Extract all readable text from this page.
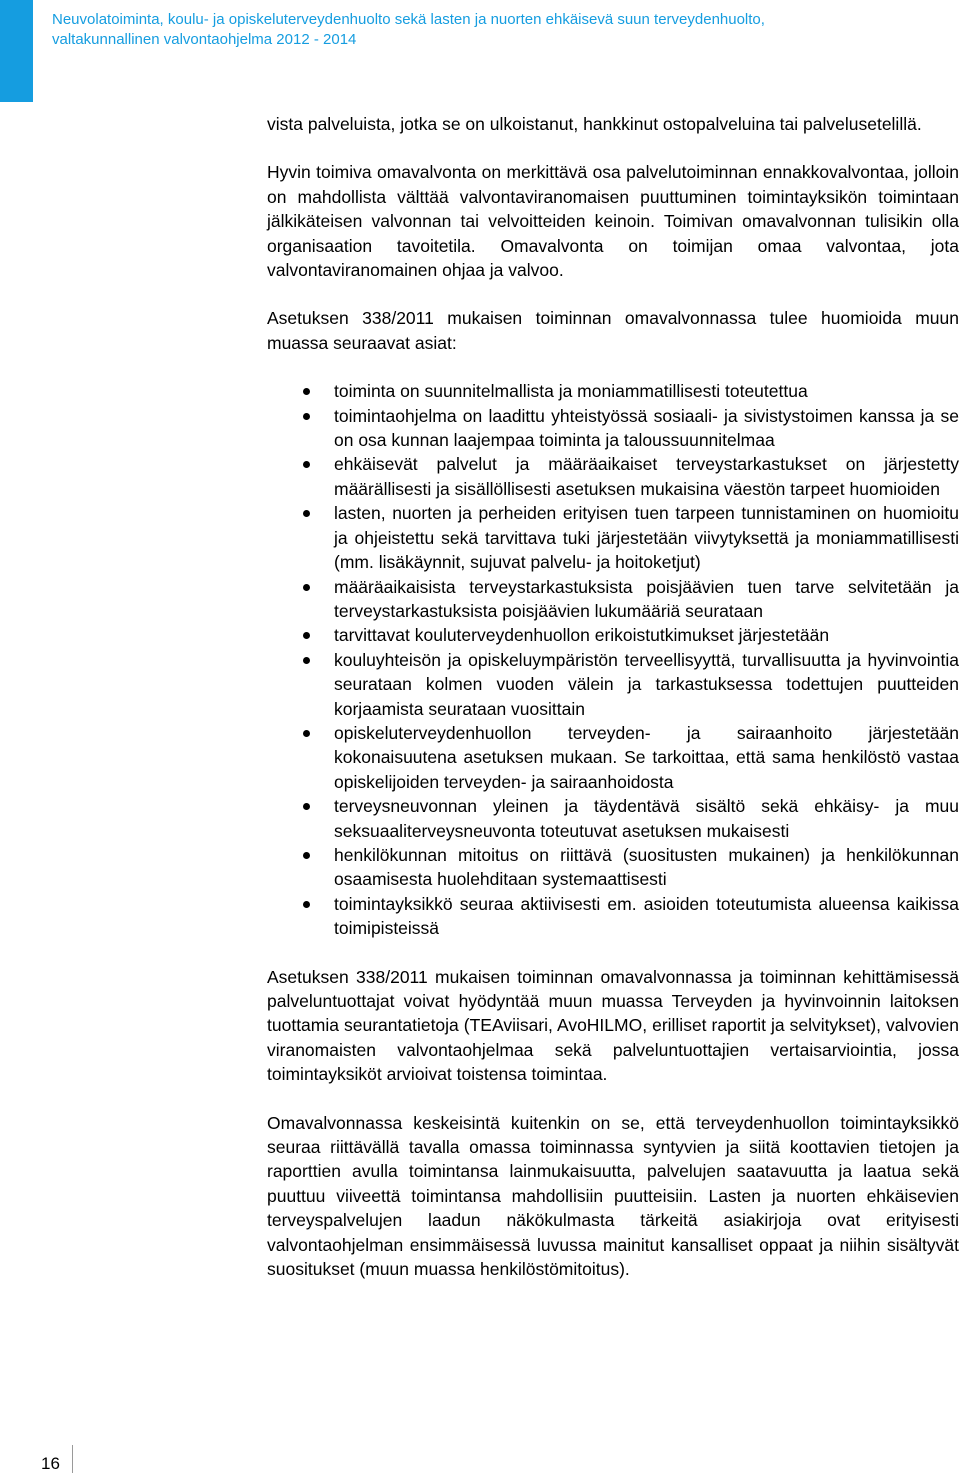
Neuvolatoiminta, koulu- ja opiskeluterveydenhuolto sekä lasten ja nuorten ehkäisevä suun terveydenhuolto,
valtakunnallinen valvontaohjelma 2012 - 2014

vista palveluista, jotka se on ulkoistanut, hankkinut ostopalveluina tai palvelusetelillä.

Hyvin toimiva omavalvonta on merkittävä osa palvelutoiminnan ennakkovalvontaa, jolloin on mahdollista välttää valvontaviranomaisen puuttuminen toimintayksikön toimintaan jälkikäteisen valvonnan tai velvoitteiden keinoin. Toimivan omavalvonnan tulisikin olla organisaation tavoitetila. Omavalvonta on toimijan omaa valvontaa, jota valvontaviranomainen ohjaa ja valvoo.

Asetuksen 338/2011 mukaisen toiminnan omavalvonnassa tulee huomioida muun muassa seuraavat asiat:

toiminta on suunnitelmallista ja moniammatillisesti toteutettua
toimintaohjelma on laadittu yhteistyössä sosiaali- ja sivistystoimen kanssa ja se on osa kunnan laajempaa toiminta ja taloussuunnitelmaa
ehkäisevät palvelut ja määräaikaiset terveystarkastukset on järjestetty määrällisesti ja sisällöllisesti asetuksen mukaisina väestön tarpeet huomioiden
lasten, nuorten ja perheiden erityisen tuen tarpeen tunnistaminen on huomioitu ja ohjeistettu sekä tarvittava tuki järjestetään viivytyksettä ja moniammatillisesti (mm. lisäkäynnit, sujuvat palvelu- ja hoitoketjut)
määräaikaisista terveystarkastuksista poisjäävien tuen tarve selvitetään ja terveystarkastuksista poisjäävien lukumääriä seurataan
tarvittavat kouluterveydenhuollon erikoistutkimukset järjestetään
kouluyhteisön ja opiskeluympäristön terveellisyyttä, turvallisuutta ja hyvinvointia seurataan kolmen vuoden välein ja tarkastuksessa todettujen puutteiden korjaamista seurataan vuosittain
opiskeluterveydenhuollon terveyden- ja sairaanhoito järjestetään kokonaisuutena asetuksen mukaan. Se tarkoittaa, että sama henkilöstö vastaa opiskelijoiden terveyden- ja sairaanhoidosta
terveysneuvonnan yleinen ja täydentävä sisältö sekä ehkäisy- ja muu seksuaaliterveysneuvonta toteutuvat asetuksen mukaisesti
henkilökunnan mitoitus on riittävä (suositusten mukainen) ja henkilökunnan osaamisesta huolehditaan systemaattisesti
toimintayksikkö seuraa aktiivisesti em. asioiden toteutumista alueensa kaikissa toimipisteissä

Asetuksen 338/2011 mukaisen toiminnan omavalvonnassa ja toiminnan kehittämisessä palveluntuottajat voivat hyödyntää muun muassa Terveyden ja hyvinvoinnin laitoksen tuottamia seurantatietoja (TEAviisari, AvoHILMO, erilliset raportit ja selvitykset), valvovien viranomaisten valvontaohjelmaa sekä palveluntuottajien vertaisarviointia, jossa toimintayksiköt arvioivat toistensa toimintaa.

Omavalvonnassa keskeisintä kuitenkin on se, että terveydenhuollon toimintayksikkö seuraa riittävällä tavalla omassa toiminnassa syntyvien ja siitä koottavien tietojen ja raporttien avulla toimintansa lainmukaisuutta, palvelujen saatavuutta ja laatua sekä puuttuu viiveettä toimintansa mahdollisiin puutteisiin. Lasten ja nuorten ehkäisevien terveyspalvelujen laadun näkökulmasta tärkeitä asiakirjoja ovat erityisesti valvontaohjelman ensimmäisessä luvussa mainitut kansalliset oppaat ja niihin sisältyvät suositukset (muun muassa henkilöstömitoitus).

16
